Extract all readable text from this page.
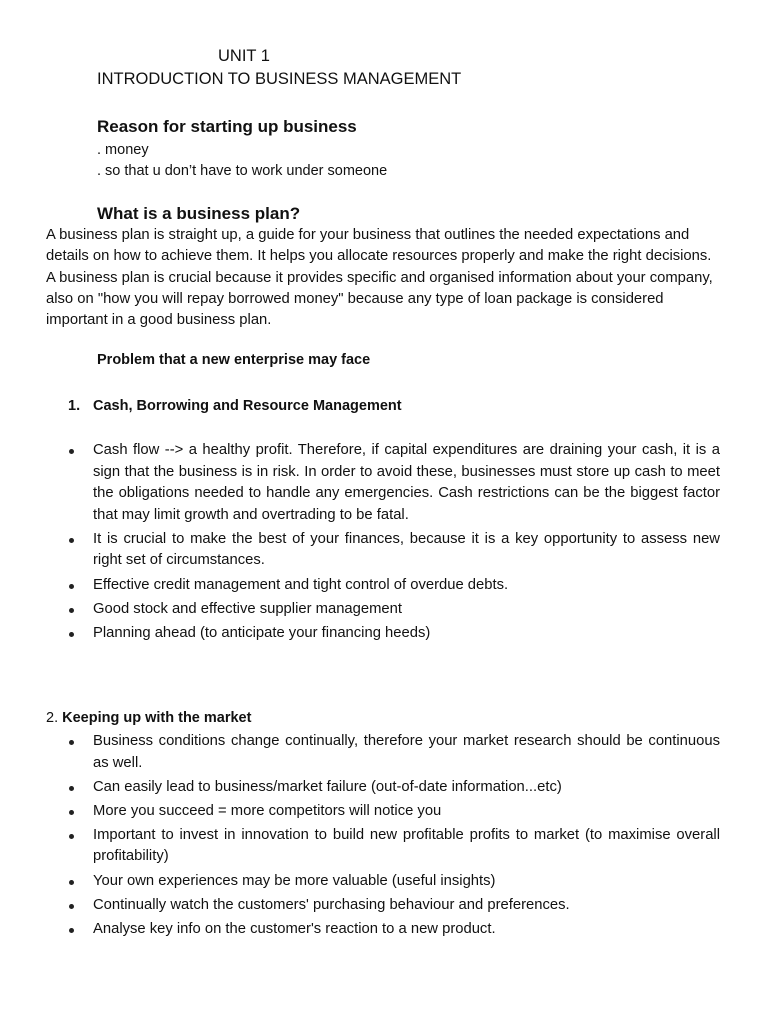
UNIT 1
INTRODUCTION TO BUSINESS MANAGEMENT
Reason for starting up business
. money
. so that u don’t have to work under someone
What is a business plan?
A business plan is straight up, a guide for your business that outlines the needed expectations and details on how to achieve them. It helps you allocate resources properly and make the right decisions. A business plan is crucial because it provides specific and organised information about your company, also on "how you will repay borrowed money" because any type of loan package is considered important in a good business plan.
Problem that a new enterprise may face
1. Cash, Borrowing and Resource Management
Cash flow --> a healthy profit. Therefore, if capital expenditures are draining your cash, it is a sign that the business is in risk. In order to avoid these, businesses must store up cash to meet the obligations needed to handle any emergencies. Cash restrictions can be the biggest factor that may limit growth and overtrading to be fatal.
It is crucial to make the best of your finances, because it is a key opportunity to assess new right set of circumstances.
Effective credit management and tight control of overdue debts.
Good stock and effective supplier management
Planning ahead (to anticipate your financing heeds)
2. Keeping up with the market
Business conditions change continually, therefore your market research should be continuous as well.
Can easily lead to business/market failure (out-of-date information...etc)
More you succeed = more competitors will notice you
Important to invest in innovation to build new profitable profits to market (to maximise overall profitability)
Your own experiences may be more valuable (useful insights)
Continually watch the customers' purchasing behaviour and preferences.
Analyse key info on the customer's reaction to a new product.
